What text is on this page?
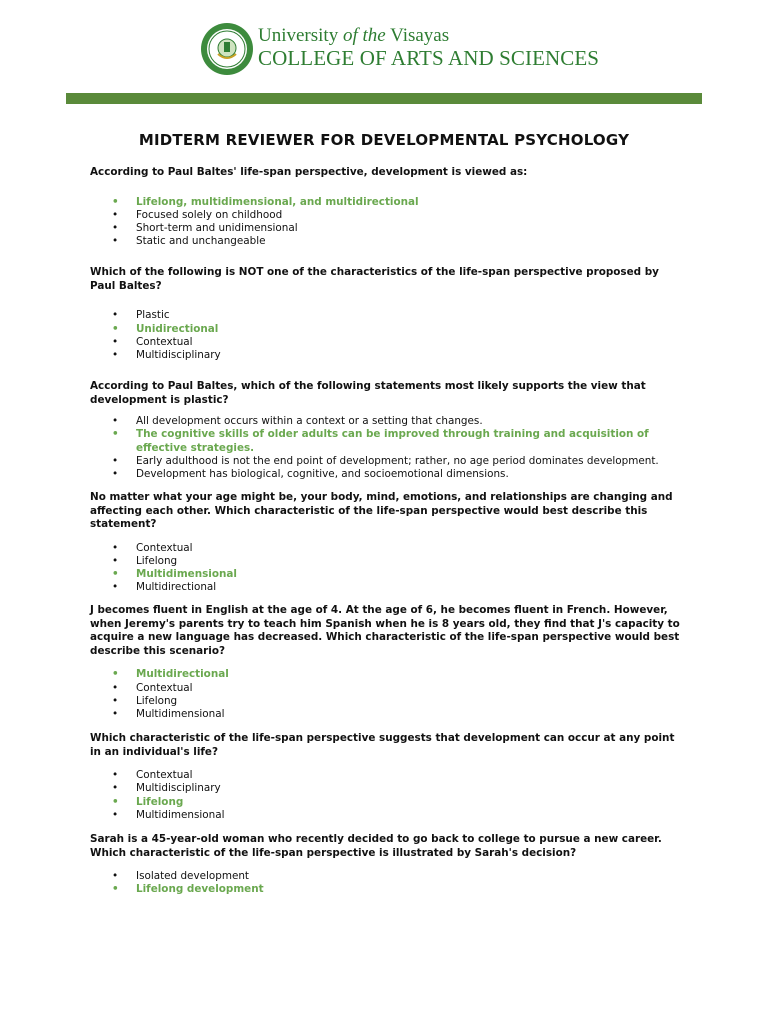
University of the Visayas
COLLEGE OF ARTS AND SCIENCES
MIDTERM REVIEWER FOR DEVELOPMENTAL PSYCHOLOGY

According to Paul Baltes' life-span perspective, development is viewed as:

• Lifelong, multidimensional, and multidirectional
• Focused solely on childhood
• Short-term and unidimensional
• Static and unchangeable

Which of the following is NOT one of the characteristics of the life-span perspective proposed by Paul Baltes?

• Plastic
• Unidirectional
• Contextual
• Multidisciplinary

According to Paul Baltes, which of the following statements most likely supports the view that development is plastic?

• All development occurs within a context or a setting that changes.
• The cognitive skills of older adults can be improved through training and acquisition of effective strategies.
• Early adulthood is not the end point of development; rather, no age period dominates development.
• Development has biological, cognitive, and socioemotional dimensions.

No matter what your age might be, your body, mind, emotions, and relationships are changing and affecting each other. Which characteristic of the life-span perspective would best describe this statement?

• Contextual
• Lifelong
• Multidimensional
• Multidirectional

J becomes fluent in English at the age of 4. At the age of 6, he becomes fluent in French. However, when Jeremy's parents try to teach him Spanish when he is 8 years old, they find that J's capacity to acquire a new language has decreased. Which characteristic of the life-span perspective would best describe this scenario?

• Multidirectional
• Contextual
• Lifelong
• Multidimensional

Which characteristic of the life-span perspective suggests that development can occur at any point in an individual's life?

• Contextual
• Multidisciplinary
• Lifelong
• Multidimensional

Sarah is a 45-year-old woman who recently decided to go back to college to pursue a new career. Which characteristic of the life-span perspective is illustrated by Sarah's decision?

• Isolated development
• Lifelong development
